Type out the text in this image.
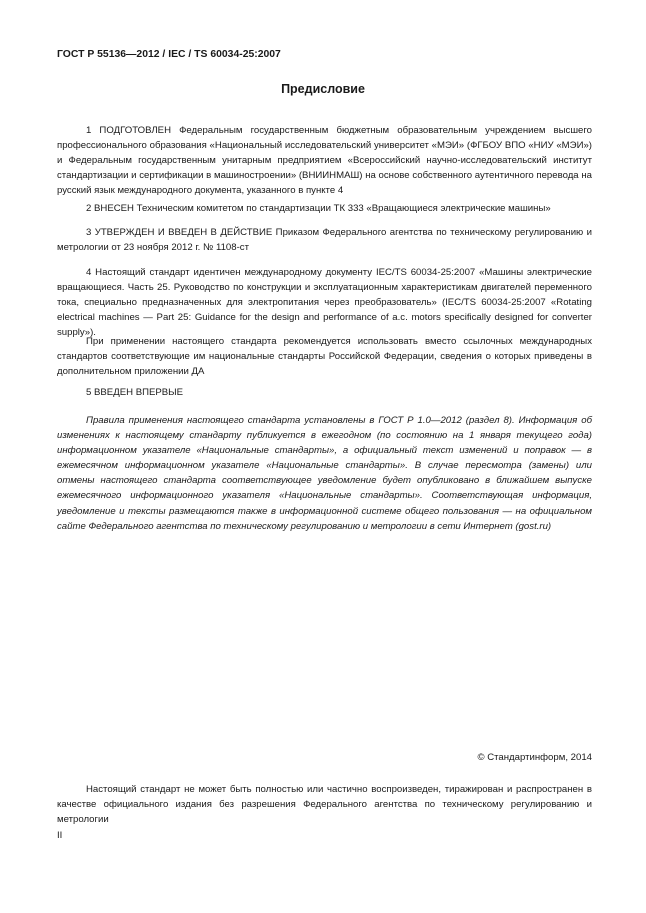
ГОСТ Р 55136—2012 / IEC / TS 60034-25:2007
Предисловие

1 ПОДГОТОВЛЕН Федеральным государственным бюджетным образовательным учреждением высшего профессионального образования «Национальный исследовательский университет «МЭИ» (ФГБОУ ВПО «НИУ «МЭИ») и Федеральным государственным унитарным предприятием «Всероссийский научно-исследовательский институт стандартизации и сертификации в машиностроении» (ВНИИНМАШ) на основе собственного аутентичного перевода на русский язык международного документа, указанного в пункте 4

2 ВНЕСЕН Техническим комитетом по стандартизации ТК 333 «Вращающиеся электрические машины»

3 УТВЕРЖДЕН И ВВЕДЕН В ДЕЙСТВИЕ Приказом Федерального агентства по техническому регулированию и метрологии от 23 ноября 2012 г. № 1108-ст

4 Настоящий стандарт идентичен международному документу IEC/TS 60034-25:2007 «Машины электрические вращающиеся. Часть 25. Руководство по конструкции и эксплуатационным характеристикам двигателей переменного тока, специально предназначенных для электропитания через преобразователь» (IEC/TS 60034-25:2007 «Rotating electrical machines — Part 25: Guidance for the design and performance of a.c. motors specifically designed for converter supply»).

При применении настоящего стандарта рекомендуется использовать вместо ссылочных международных стандартов соответствующие им национальные стандарты Российской Федерации, сведения о которых приведены в дополнительном приложении ДА

5 ВВЕДЕН ВПЕРВЫЕ

Правила применения настоящего стандарта установлены в ГОСТ Р 1.0—2012 (раздел 8). Информация об изменениях к настоящему стандарту публикуется в ежегодном (по состоянию на 1 января текущего года) информационном указателе «Национальные стандарты», а официальный текст изменений и поправок — в ежемесячном информационном указателе «Национальные стандарты». В случае пересмотра (замены) или отмены настоящего стандарта соответствующее уведомление будет опубликовано в ближайшем выпуске ежемесячного информационного указателя «Национальные стандарты». Соответствующая информация, уведомление и тексты размещаются также в информационной системе общего пользования — на официальном сайте Федерального агентства по техническому регулированию и метрологии в сети Интернет (gost.ru)

© Стандартинформ, 2014

Настоящий стандарт не может быть полностью или частично воспроизведен, тиражирован и распространен в качестве официального издания без разрешения Федерального агентства по техническому регулированию и метрологии

II
